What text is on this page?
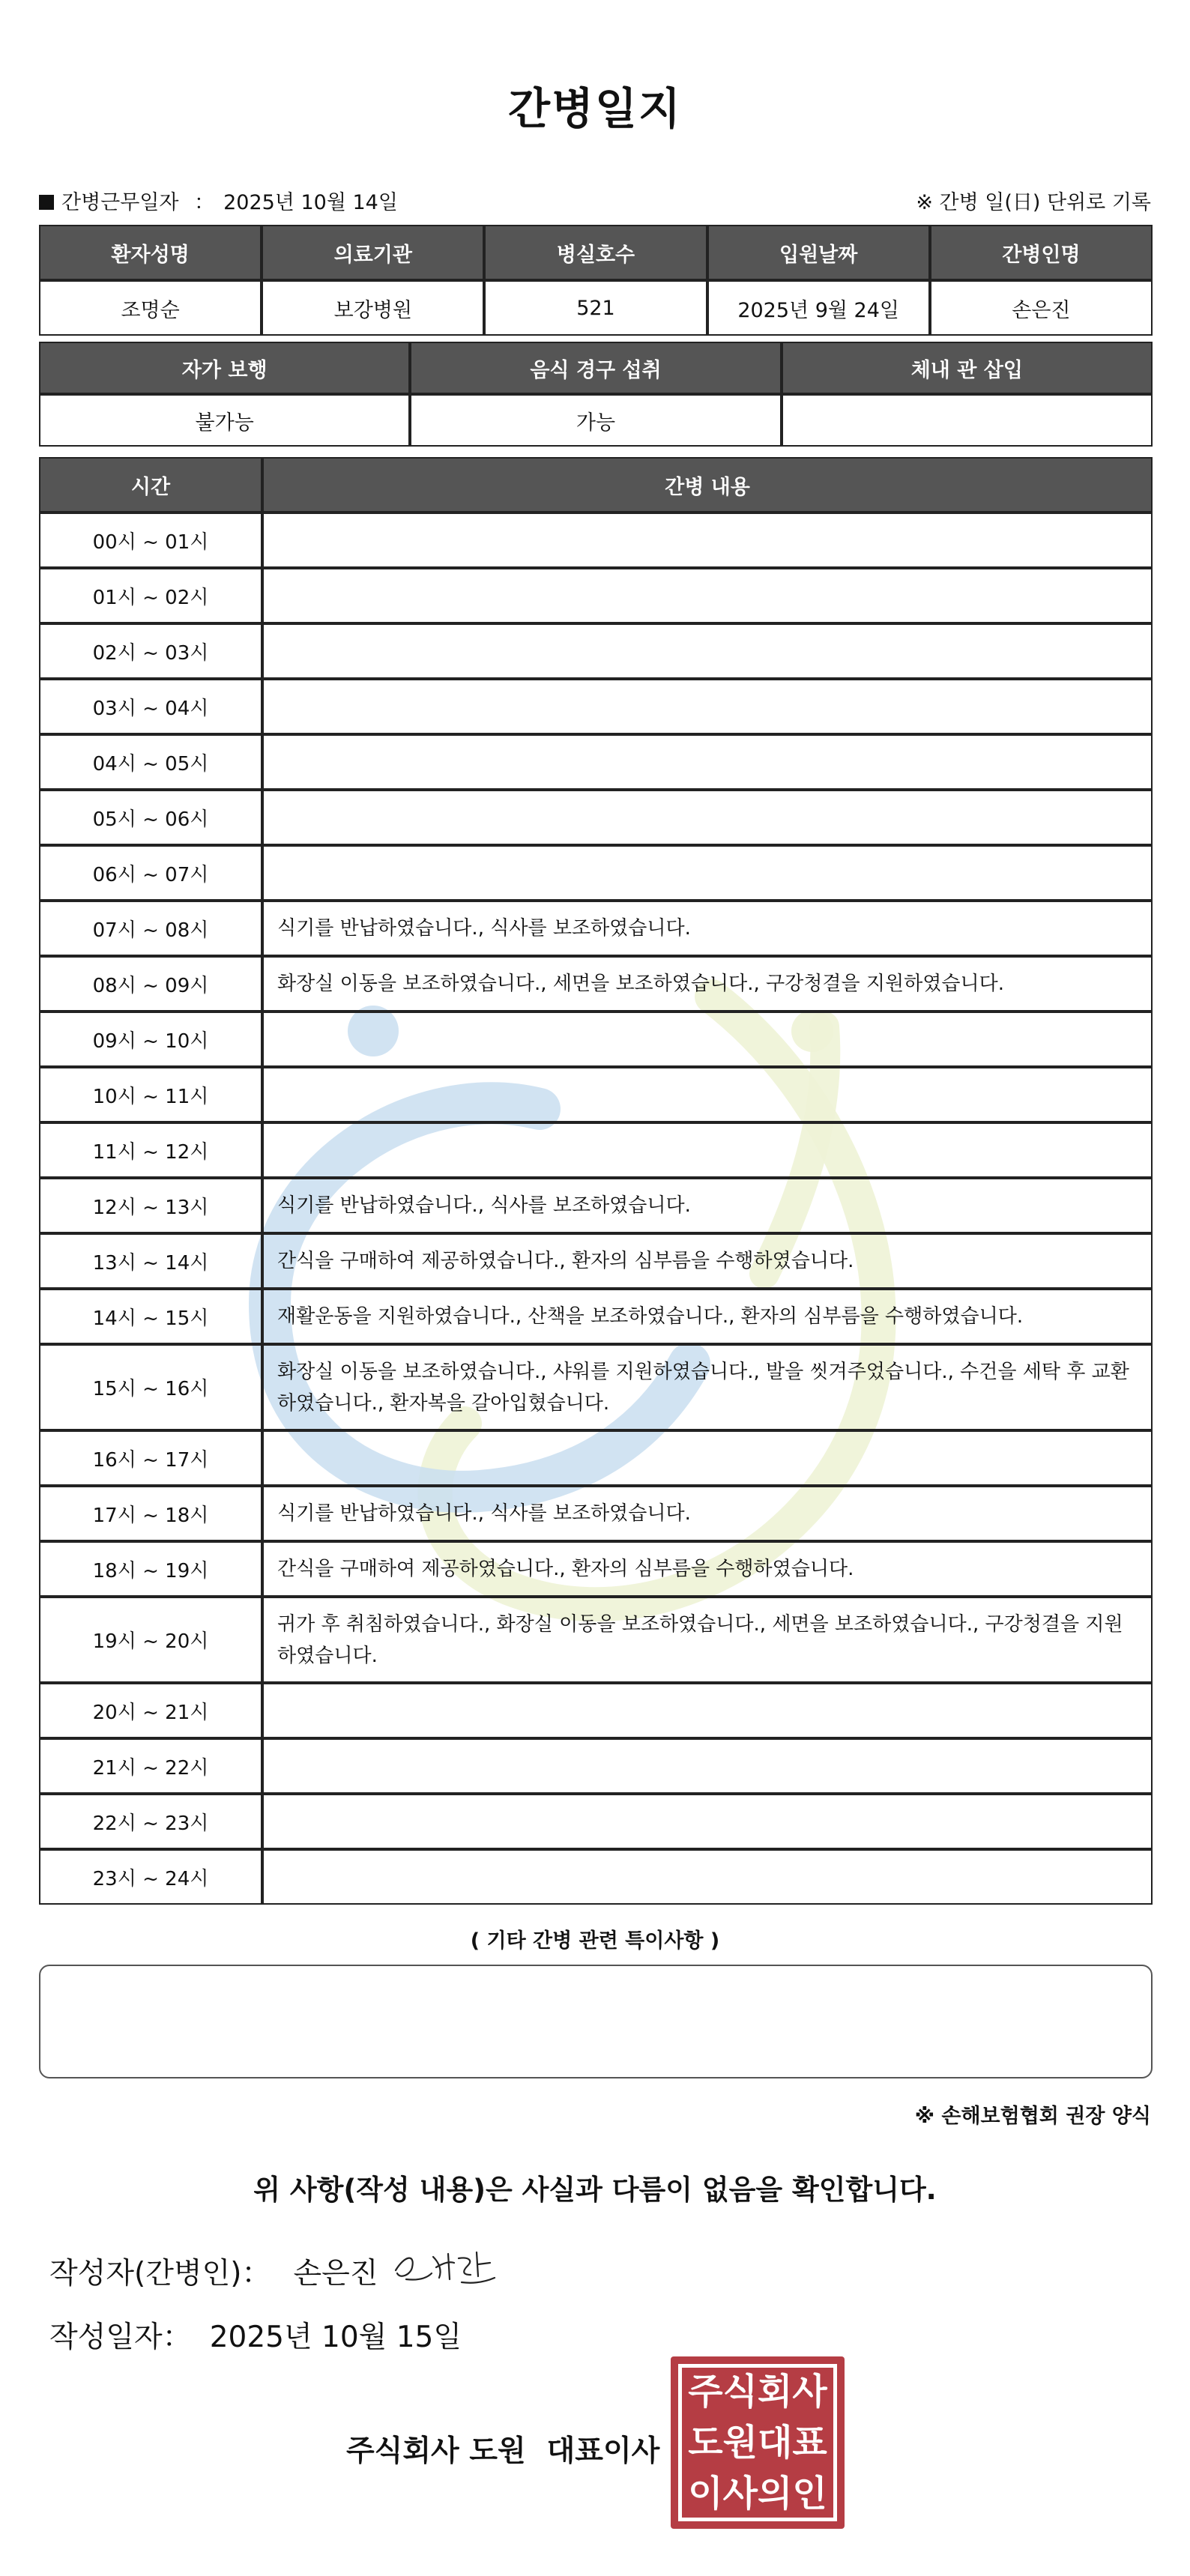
간병일지
간병근무일자 ： 2025년 10월 14일	※ 간병 일(日) 단위로 기록
환자성명	의료기관	병실호수	입원날짜	간병인명
조명순	보강병원	521	2025년 9월 24일	손은진
자가 보행	음식 경구 섭취	체내 관 삽입
불가능	가능	
시간	간병 내용
00시 ~ 01시	
01시 ~ 02시	
02시 ~ 03시	
03시 ~ 04시	
04시 ~ 05시	
05시 ~ 06시	
06시 ~ 07시	
07시 ~ 08시	식기를 반납하였습니다., 식사를 보조하였습니다.
08시 ~ 09시	화장실 이동을 보조하였습니다., 세면을 보조하였습니다., 구강청결을 지원하였습니다.
09시 ~ 10시	
10시 ~ 11시	
11시 ~ 12시	
12시 ~ 13시	식기를 반납하였습니다., 식사를 보조하였습니다.
13시 ~ 14시	간식을 구매하여 제공하였습니다., 환자의 심부름을 수행하였습니다.
14시 ~ 15시	재활운동을 지원하였습니다., 산책을 보조하였습니다., 환자의 심부름을 수행하였습니다.
15시 ~ 16시	화장실 이동을 보조하였습니다., 샤워를 지원하였습니다., 발을 씻겨주었습니다., 수건을 세탁 후 교환하였습니다., 환자복을 갈아입혔습니다.
16시 ~ 17시	
17시 ~ 18시	식기를 반납하였습니다., 식사를 보조하였습니다.
18시 ~ 19시	간식을 구매하여 제공하였습니다., 환자의 심부름을 수행하였습니다.
19시 ~ 20시	귀가 후 취침하였습니다., 화장실 이동을 보조하였습니다., 세면을 보조하였습니다., 구강청결을 지원하였습니다.
20시 ~ 21시	
21시 ~ 22시	
22시 ~ 23시	
23시 ~ 24시	
( 기타 간병 관련 특이사항 )
※ 손해보험협회 권장 양식
위 사항(작성 내용)은 사실과 다름이 없음을 확인합니다.
작성자(간병인)： 손은진
작성일자： 2025년 10월 15일
주식회사 도원 대표이사
주식회사
도원대표
이사의인
